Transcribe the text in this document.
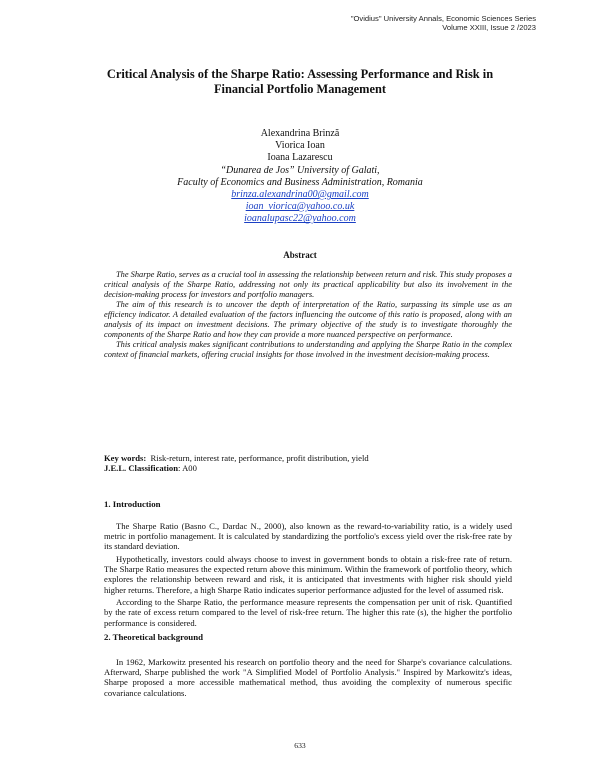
"Ovidius" University Annals, Economic Sciences Series
Volume XXIII, Issue 2 /2023
Critical Analysis of the Sharpe Ratio: Assessing Performance and Risk in
Financial Portfolio Management
Alexandrina Brinză
Viorica Ioan
Ioana Lazarescu
“Dunarea de Jos” University of Galati,
Faculty of Economics and Business Administration, Romania
brinza.alexandrina00@gmail.com
ioan_viorica@yahoo.co.uk
ioanalupasc22@yahoo.com
Abstract

The Sharpe Ratio, serves as a crucial tool in assessing the relationship between return and risk. This study proposes a critical analysis of the Sharpe Ratio, addressing not only its practical applicability but also its involvement in the decision-making process for investors and portfolio managers.

The aim of this research is to uncover the depth of interpretation of the Ratio, surpassing its simple use as an efficiency indicator. A detailed evaluation of the factors influencing the outcome of this ratio is proposed, along with an analysis of its impact on investment decisions. The primary objective of the study is to investigate thoroughly the components of the Sharpe Ratio and how they can provide a more nuanced perspective on performance.

This critical analysis makes significant contributions to understanding and applying the Sharpe Ratio in the complex context of financial markets, offering crucial insights for those involved in the investment decision-making process.

Key words: Risk-return, interest rate, performance, profit distribution, yield
J.E.L. Classification: A00
1. Introduction

The Sharpe Ratio (Basno C., Dardac N., 2000), also known as the reward-to-variability ratio, is a widely used metric in portfolio management. It is calculated by standardizing the portfolio's excess yield over the risk-free rate by its standard deviation.

Hypothetically, investors could always choose to invest in government bonds to obtain a risk-free rate of return. The Sharpe Ratio measures the expected return above this minimum. Within the framework of portfolio theory, which explores the relationship between reward and risk, it is anticipated that investments with higher risk should yield higher returns. Therefore, a high Sharpe Ratio indicates superior performance adjusted for the level of assumed risk.

According to the Sharpe Ratio, the performance measure represents the compensation per unit of risk. Quantified by the rate of excess return compared to the level of risk-free return. The higher this rate (s), the higher the portfolio performance is considered.

2. Theoretical background

In 1962, Markowitz presented his research on portfolio theory and the need for Sharpe's covariance calculations. Afterward, Sharpe published the work "A Simplified Model of Portfolio Analysis." Inspired by Markowitz's ideas, Sharpe proposed a more accessible mathematical method, thus avoiding the complexity of numerous specific covariance calculations.

633
